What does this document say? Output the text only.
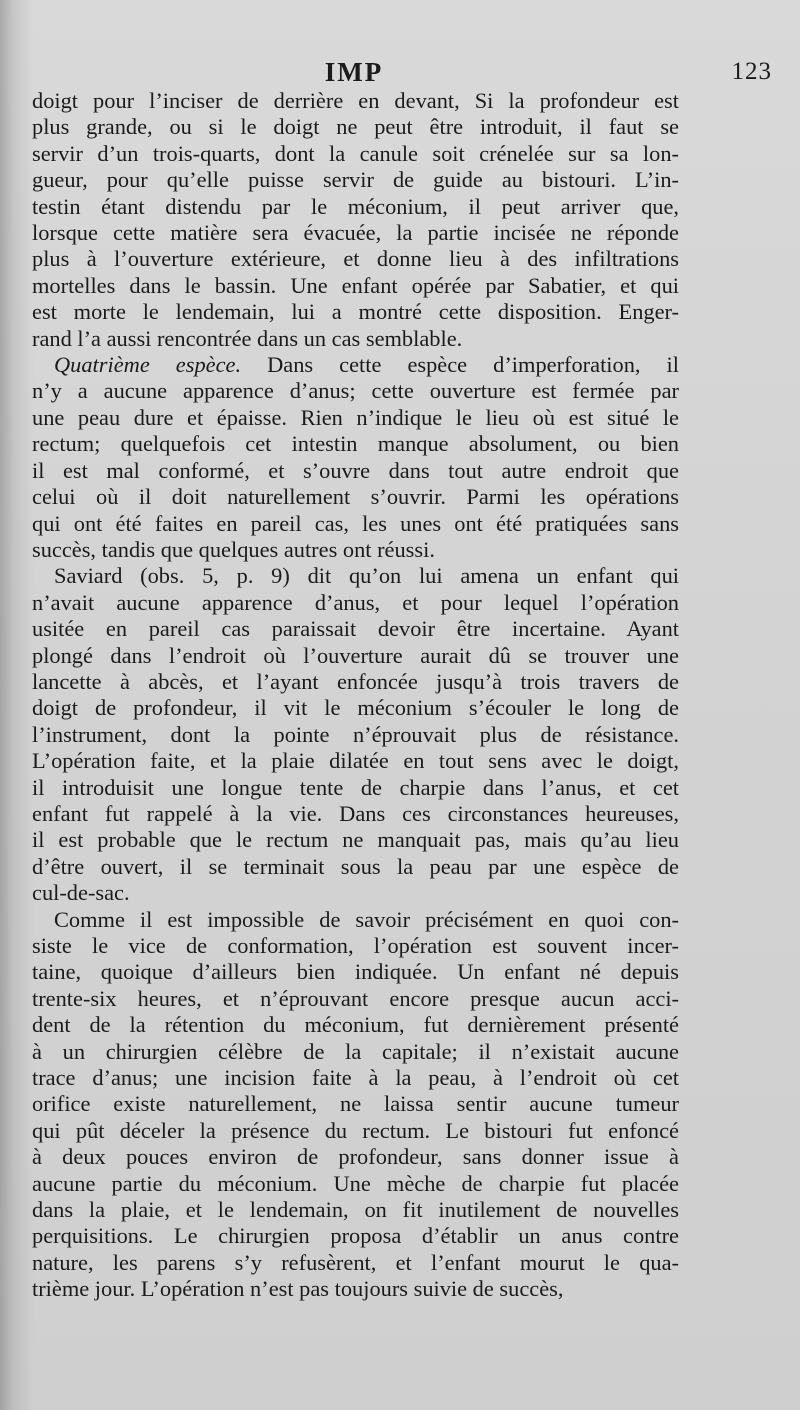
IMP	123

doigt pour l’inciser de derrière en devant, Si la profondeur est
plus grande, ou si le doigt ne peut être introduit, il faut se
servir d’un trois-quarts, dont la canule soit crénelée sur sa lon-
gueur, pour qu’elle puisse servir de guide au bistouri. L’in-
testin étant distendu par le méconium, il peut arriver que,
lorsque cette matière sera évacuée, la partie incisée ne réponde
plus à l’ouverture extérieure, et donne lieu à des infiltrations
mortelles dans le bassin. Une enfant opérée par Sabatier, et qui
est morte le lendemain, lui a montré cette disposition. Enger-
rand l’a aussi rencontrée dans un cas semblable.

Quatrième espèce. Dans cette espèce d’imperforation, il
n’y a aucune apparence d’anus; cette ouverture est fermée par
une peau dure et épaisse. Rien n’indique le lieu où est situé le
rectum; quelquefois cet intestin manque absolument, ou bien
il est mal conformé, et s’ouvre dans tout autre endroit que
celui où il doit naturellement s’ouvrir. Parmi les opérations
qui ont été faites en pareil cas, les unes ont été pratiquées sans
succès, tandis que quelques autres ont réussi.

Saviard (obs. 5, p. 9) dit qu’on lui amena un enfant qui
n’avait aucune apparence d’anus, et pour lequel l’opération
usitée en pareil cas paraissait devoir être incertaine. Ayant
plongé dans l’endroit où l’ouverture aurait dû se trouver une
lancette à abcès, et l’ayant enfoncée jusqu’à trois travers de
doigt de profondeur, il vit le méconium s’écouler le long de
l’instrument, dont la pointe n’éprouvait plus de résistance.
L’opération faite, et la plaie dilatée en tout sens avec le doigt,
il introduisit une longue tente de charpie dans l’anus, et cet
enfant fut rappelé à la vie. Dans ces circonstances heureuses,
il est probable que le rectum ne manquait pas, mais qu’au lieu
d’être ouvert, il se terminait sous la peau par une espèce de
cul-de-sac.

Comme il est impossible de savoir précisément en quoi con-
siste le vice de conformation, l’opération est souvent incer-
taine, quoique d’ailleurs bien indiquée. Un enfant né depuis
trente-six heures, et n’éprouvant encore presque aucun acci-
dent de la rétention du méconium, fut dernièrement présenté
à un chirurgien célèbre de la capitale; il n’existait aucune
trace d’anus; une incision faite à la peau, à l’endroit où cet
orifice existe naturellement, ne laissa sentir aucune tumeur
qui pût déceler la présence du rectum. Le bistouri fut enfoncé
à deux pouces environ de profondeur, sans donner issue à
aucune partie du méconium. Une mèche de charpie fut placée
dans la plaie, et le lendemain, on fit inutilement de nouvelles
perquisitions. Le chirurgien proposa d’établir un anus contre
nature, les parens s’y refusèrent, et l’enfant mourut le qua-
trième jour. L’opération n’est pas toujours suivie de succès,
